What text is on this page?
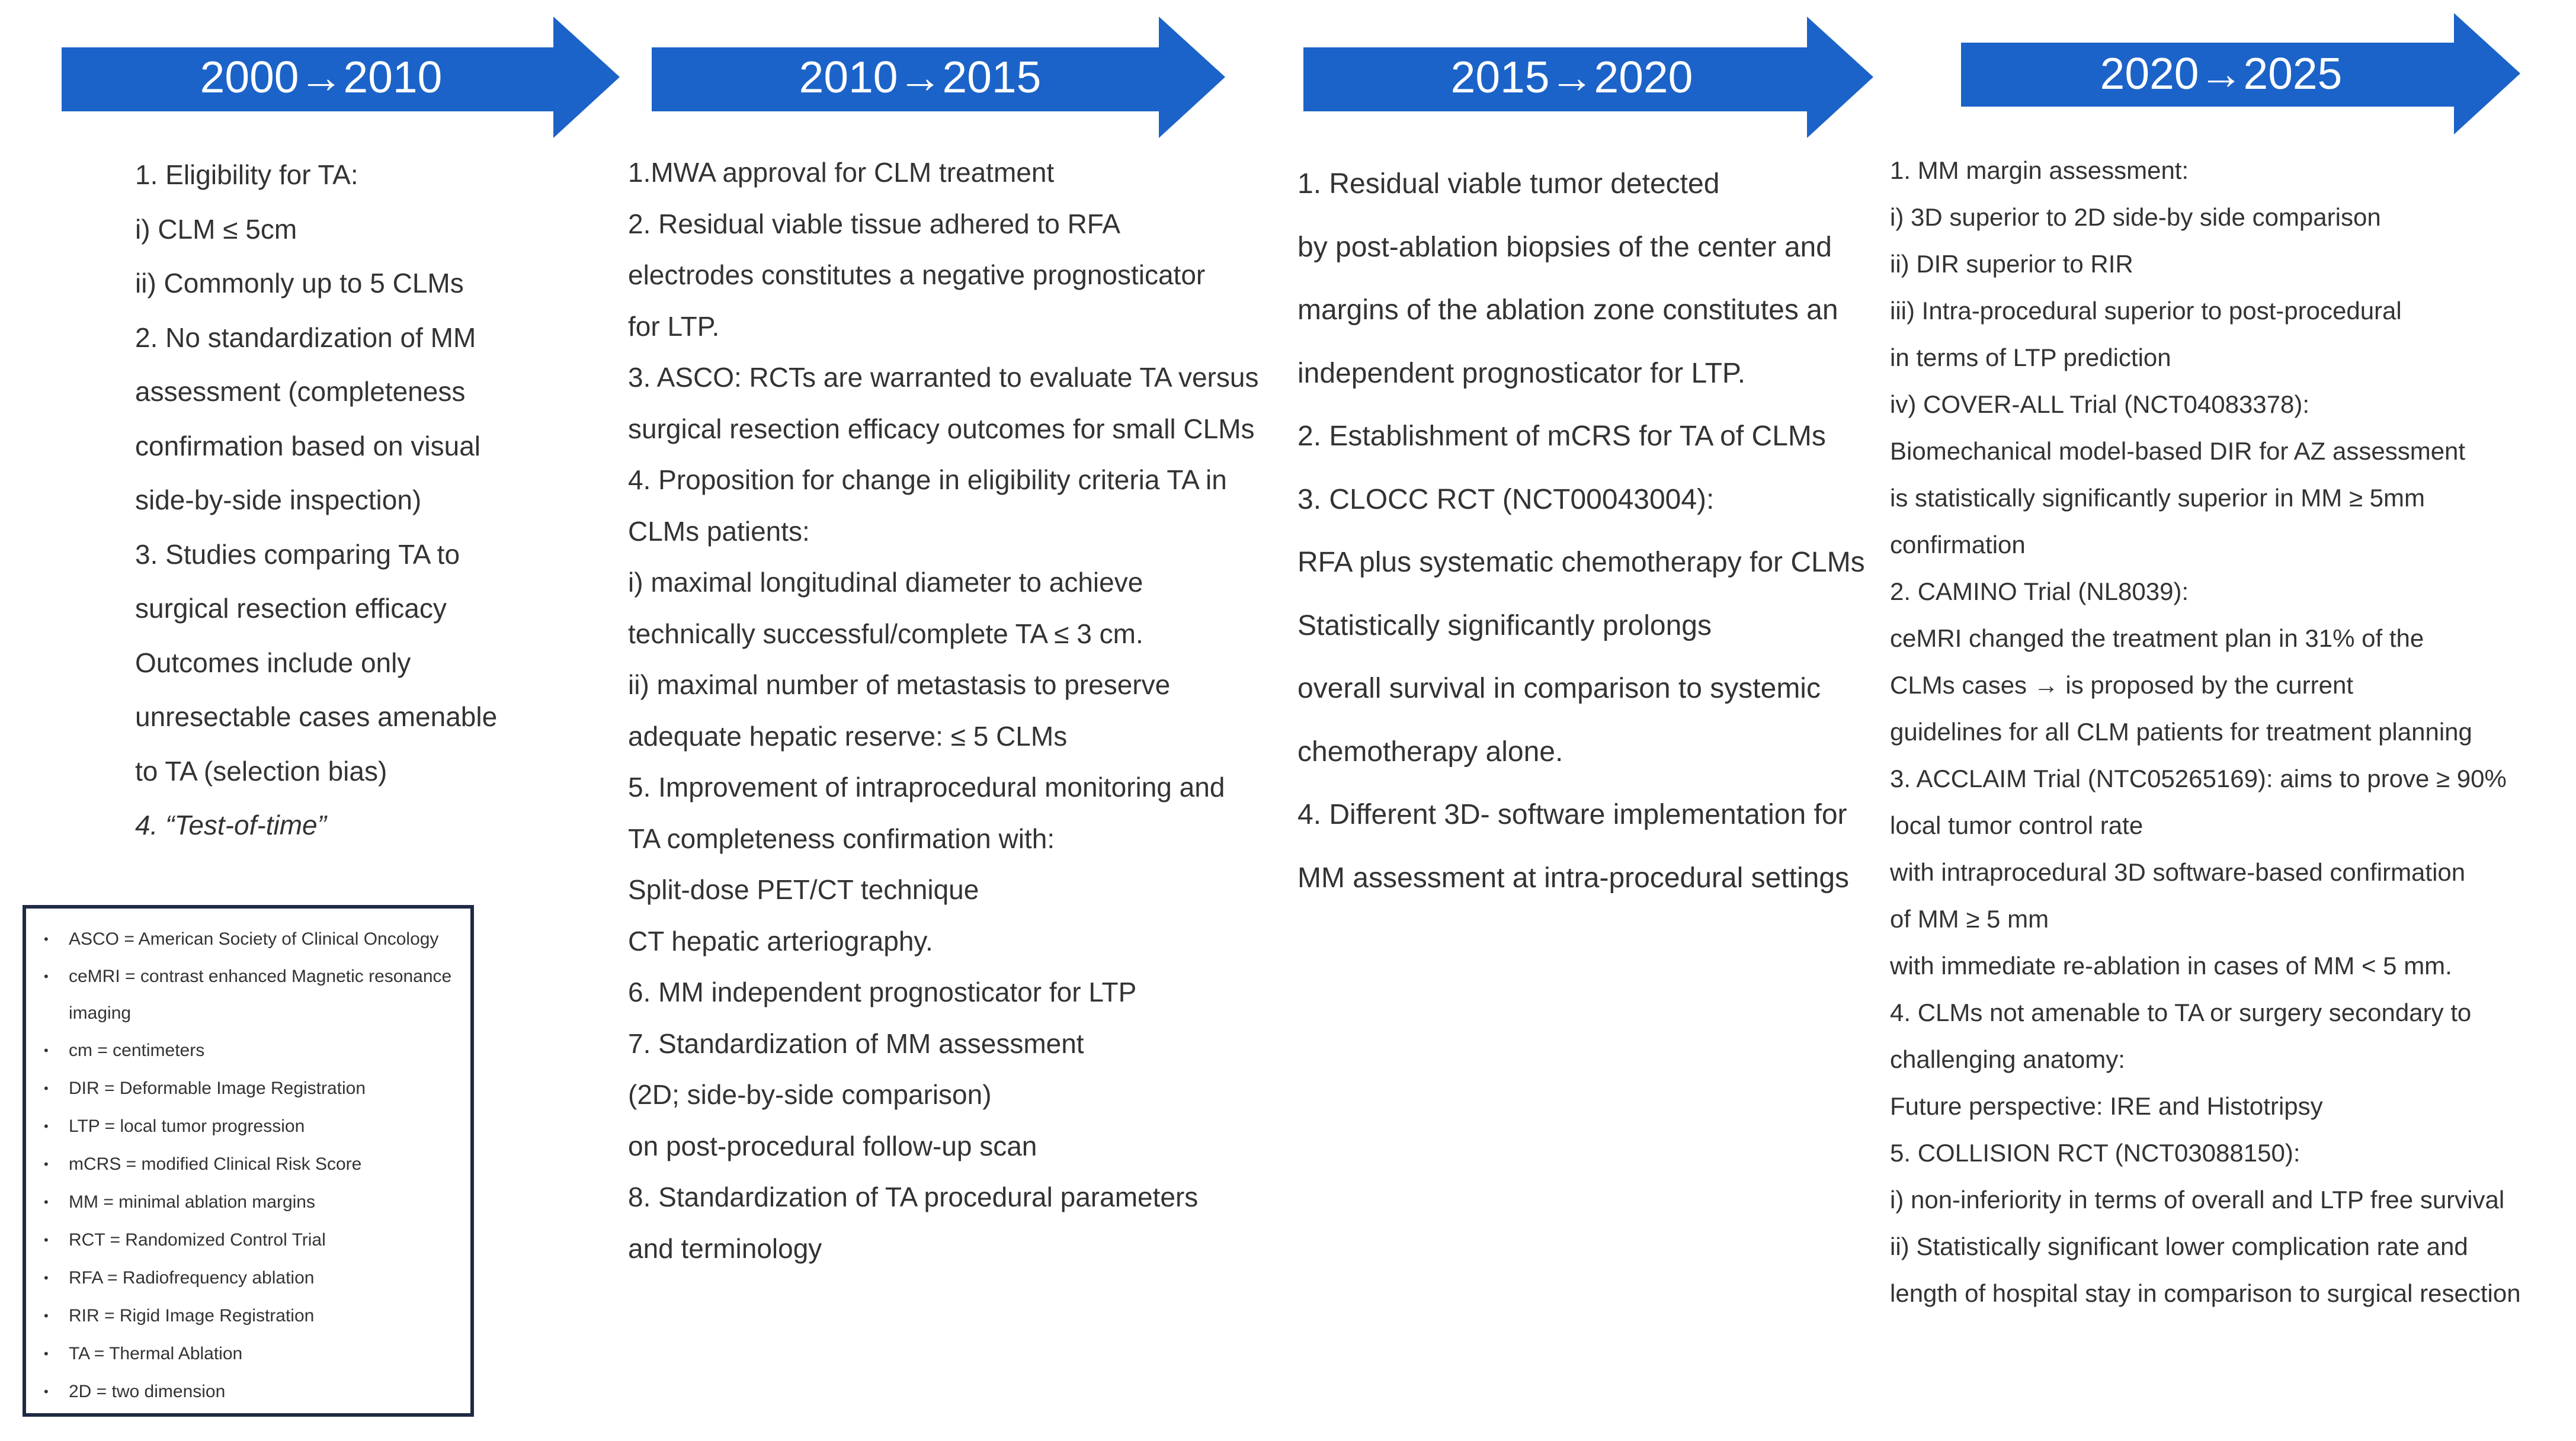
2000→2010	2010→2015	2015→2020	2020→2025
1. Eligibility for TA:
i) CLM ≤ 5cm
ii) Commonly up to 5 CLMs
2. No standardization of MM
assessment (completeness
confirmation based on visual
side-by-side inspection)
3. Studies comparing TA to
surgical resection efficacy
Outcomes include only
unresectable cases amenable
to TA (selection bias)
4. “Test-of-time”
1.MWA approval for CLM treatment
2. Residual viable tissue adhered to RFA
electrodes constitutes a negative prognosticator
for LTP.
3. ASCO: RCTs are warranted to evaluate TA versus
surgical resection efficacy outcomes for small CLMs
4. Proposition for change in eligibility criteria TA in
CLMs patients:
i) maximal longitudinal diameter to achieve
technically successful/complete TA ≤ 3 cm.
ii) maximal number of metastasis to preserve
adequate hepatic reserve: ≤ 5 CLMs
5. Improvement of intraprocedural monitoring and
TA completeness confirmation with:
Split-dose PET/CT technique
CT hepatic arteriography.
6. MM independent prognosticator for LTP
7. Standardization of MM assessment
(2D; side-by-side comparison)
on post-procedural follow-up scan
8. Standardization of TA procedural parameters
and terminology
1. Residual viable tumor detected
by post-ablation biopsies of the center and
margins of the ablation zone constitutes an
independent prognosticator for LTP.
2. Establishment of mCRS for TA of CLMs
3. CLOCC RCT (NCT00043004):
RFA plus systematic chemotherapy for CLMs
Statistically significantly prolongs
overall survival in comparison to systemic
chemotherapy alone.
4. Different 3D- software implementation for
MM assessment at intra-procedural settings
1. MM margin assessment:
i) 3D superior to 2D side-by side comparison
ii) DIR superior to RIR
iii) Intra-procedural superior to post-procedural
in terms of LTP prediction
iv) COVER-ALL Trial (NCT04083378):
Biomechanical model-based DIR for AZ assessment
is statistically significantly superior in MM ≥ 5mm
confirmation
2. CAMINO Trial (NL8039):
ceMRI changed the treatment plan in 31% of the
CLMs cases → is proposed by the current
guidelines for all CLM patients for treatment planning
3. ACCLAIM Trial (NTC05265169): aims to prove ≥ 90%
local tumor control rate
with intraprocedural 3D software-based confirmation
of MM ≥ 5 mm
with immediate re-ablation in cases of MM < 5 mm.
4. CLMs not amenable to TA or surgery secondary to
challenging anatomy:
Future perspective: IRE and Histotripsy
5. COLLISION RCT (NCT03088150):
i) non-inferiority in terms of overall and LTP free survival
ii) Statistically significant lower complication rate and
length of hospital stay in comparison to surgical resection
• ASCO = American Society of Clinical Oncology
• ceMRI = contrast enhanced Magnetic resonance imaging
• cm = centimeters
• DIR = Deformable Image Registration
• LTP = local tumor progression
• mCRS = modified Clinical Risk Score
• MM = minimal ablation margins
• RCT = Randomized Control Trial
• RFA = Radiofrequency ablation
• RIR = Rigid Image Registration
• TA = Thermal Ablation
• 2D = two dimension
